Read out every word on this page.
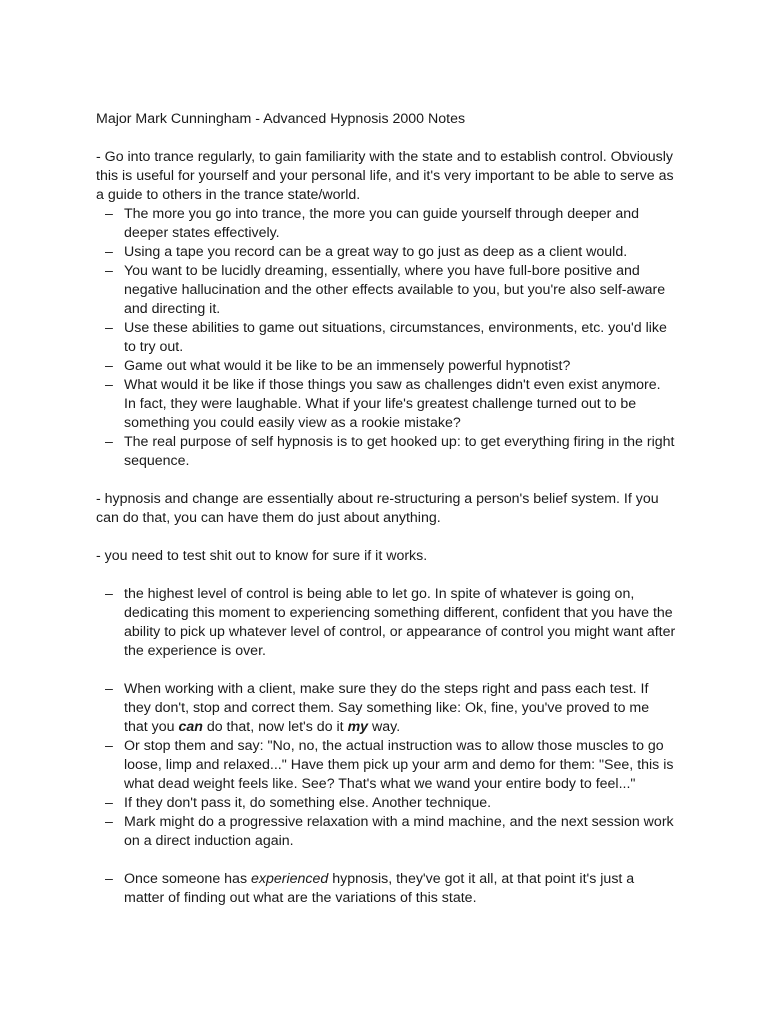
Major Mark Cunningham - Advanced Hypnosis 2000 Notes

- Go into trance regularly, to gain familiarity with the state and to establish control. Obviously this is useful for yourself and your personal life, and it's very important to be able to serve as a guide to others in the trance state/world.

– The more you go into trance, the more you can guide yourself through deeper and deeper states effectively.
– Using a tape you record can be a great way to go just as deep as a client would.
– You want to be lucidly dreaming, essentially, where you have full-bore positive and negative hallucination and the other effects available to you, but you're also self-aware and directing it.
– Use these abilities to game out situations, circumstances, environments, etc. you'd like to try out.
– Game out what would it be like to be an immensely powerful hypnotist?
– What would it be like if those things you saw as challenges didn't even exist anymore. In fact, they were laughable. What if your life's greatest challenge turned out to be something you could easily view as a rookie mistake?
– The real purpose of self hypnosis is to get hooked up: to get everything firing in the right sequence.

- hypnosis and change are essentially about re-structuring a person's belief system. If you can do that, you can have them do just about anything.

- you need to test shit out to know for sure if it works.

– the highest level of control is being able to let go. In spite of whatever is going on, dedicating this moment to experiencing something different, confident that you have the ability to pick up whatever level of control, or appearance of control you might want after the experience is over.
– When working with a client, make sure they do the steps right and pass each test. If they don't, stop and correct them. Say something like: Ok, fine, you've proved to me that you can do that, now let's do it my way.
– Or stop them and say: "No, no, the actual instruction was to allow those muscles to go loose, limp and relaxed..." Have them pick up your arm and demo for them: "See, this is what dead weight feels like. See? That's what we wand your entire body to feel..."
– If they don't pass it, do something else. Another technique.
– Mark might do a progressive relaxation with a mind machine, and the next session work on a direct induction again.
– Once someone has experienced hypnosis, they've got it all, at that point it's just a matter of finding out what are the variations of this state.
